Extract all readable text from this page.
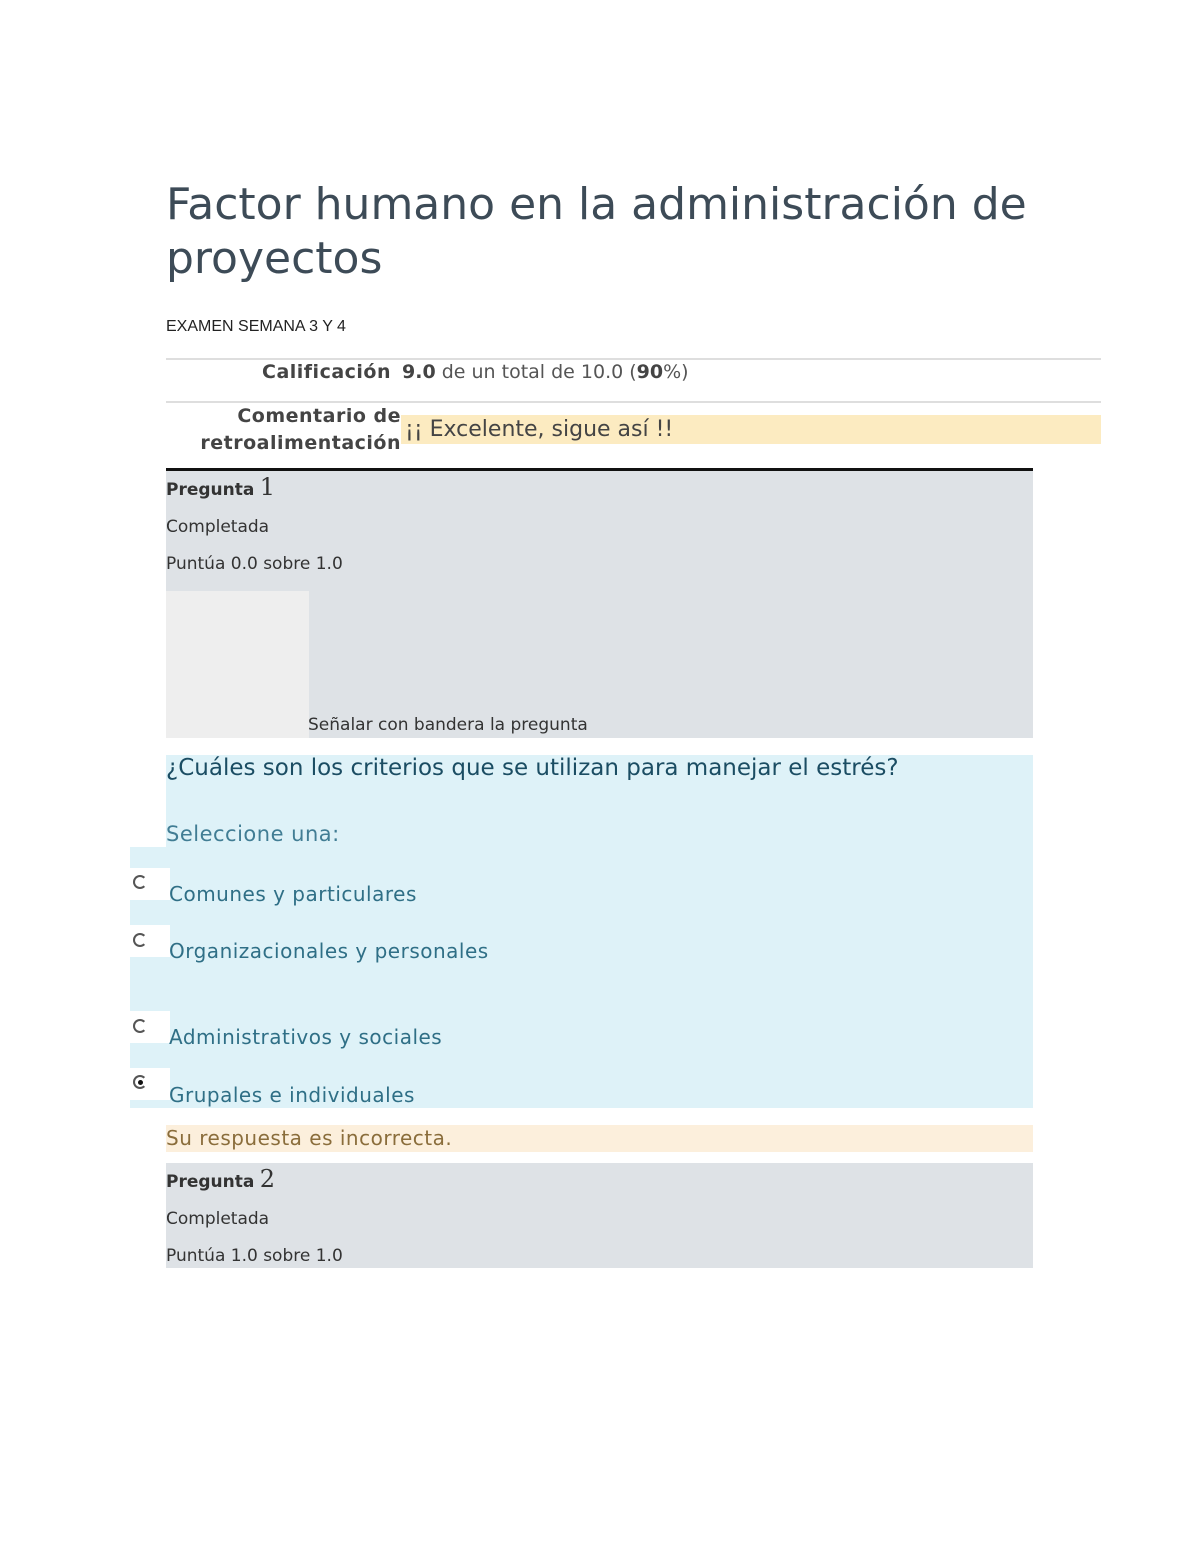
Factor humano en la administración de proyectos
EXAMEN SEMANA 3 Y 4
Calificación 9.0 de un total de 10.0 (90%)
Comentario de retroalimentación
¡¡ Excelente, sigue así !!
Pregunta 1
Completada
Puntúa 0.0 sobre 1.0
Señalar con bandera la pregunta
¿Cuáles son los criterios que se utilizan para manejar el estrés?
Seleccione una:
Comunes y particulares
Organizacionales y personales
Administrativos y sociales
Grupales e individuales
Su respuesta es incorrecta.
Pregunta 2
Completada
Puntúa 1.0 sobre 1.0
